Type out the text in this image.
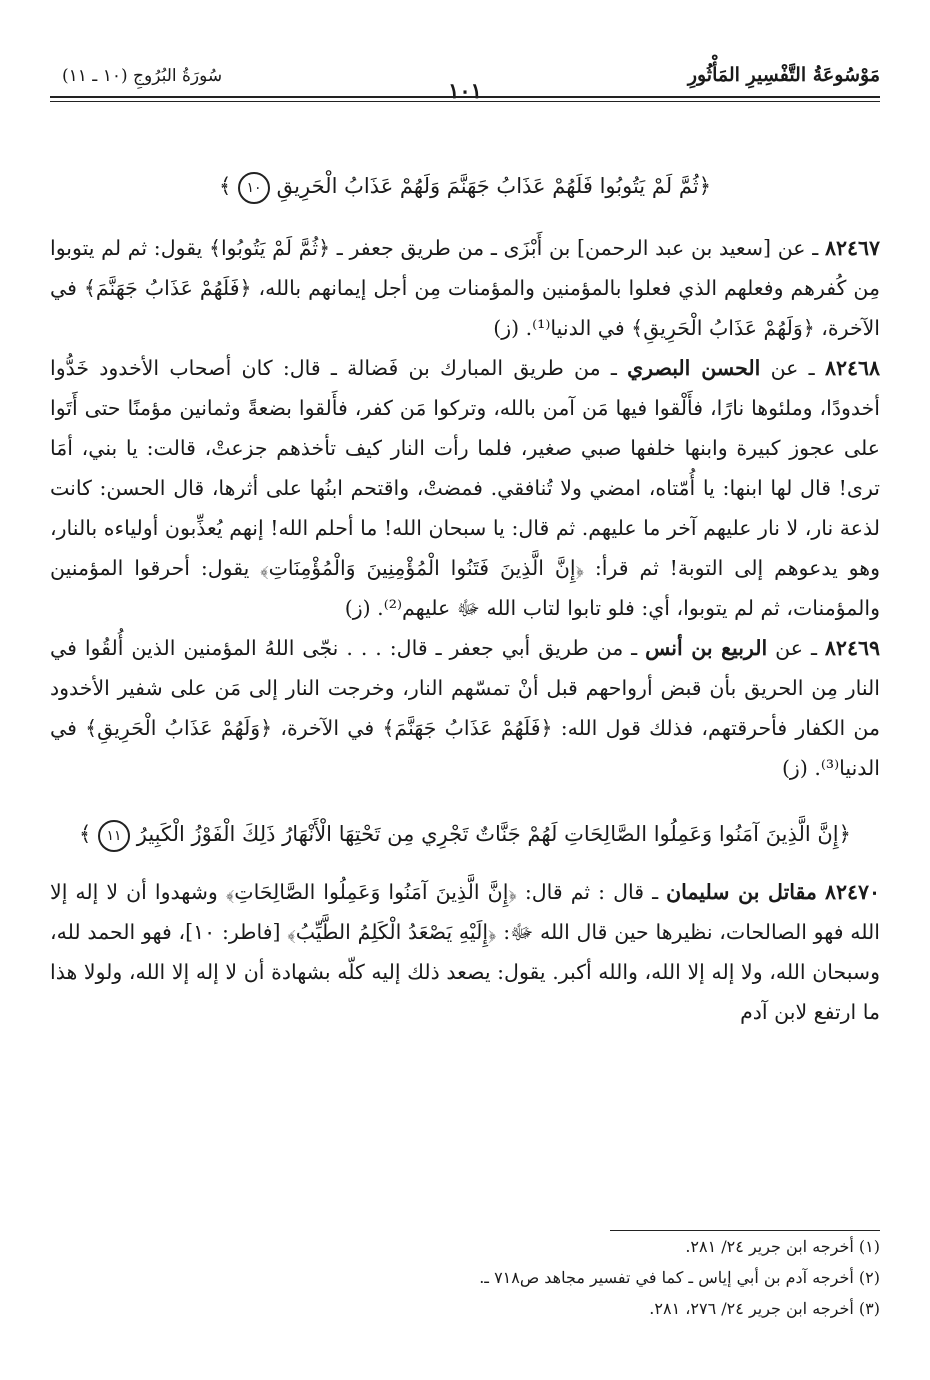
مَوْسُوعَةُ التَّفْسِيرِ المَأْثُورِ
١٠١
سُورَةُ البُرُوجِ (١٠ ـ ١١)

﴿ثُمَّ لَمْ يَتُوبُوا فَلَهُمْ عَذَابُ جَهَنَّمَ وَلَهُمْ عَذَابُ الْحَرِيقِ ١٠ ﴾

٨٢٤٦٧ ـ عن [سعيد بن عبد الرحمن] بن أَبْزَى ـ من طريق جعفر ـ ﴿ثُمَّ لَمْ يَتُوبُوا﴾ يقول: ثم لم يتوبوا مِن كُفرهم وفعلهم الذي فعلوا بالمؤمنين والمؤمنات مِن أجل إيمانهم بالله، ﴿فَلَهُمْ عَذَابُ جَهَنَّمَ﴾ في الآخرة، ﴿وَلَهُمْ عَذَابُ الْحَرِيقِ﴾ في الدنيا⁽¹⁾. (ز)

٨٢٤٦٨ ـ عن الحسن البصري ـ من طريق المبارك بن فَضالة ـ قال: كان أصحاب الأخدود خَدُّوا أخدودًا، وملئوها نارًا، فأَلْقوا فيها مَن آمن بالله، وتركوا مَن كفر، فأَلقوا بضعةً وثمانين مؤمنًا حتى أَتَوا على عجوز كبيرة وابنها خلفها صبي صغير، فلما رأت النار كيف تأخذهم جزعتْ، قالت: يا بني، أمَا ترى! قال لها ابنها: يا أُمّتاه، امضي ولا تُنافقي. فمضتْ، واقتحم ابنُها على أثرها، قال الحسن: كانت لذعة نار، لا نار عليهم آخر ما عليهم. ثم قال: يا سبحان الله! ما أحلم الله! إنهم يُعذِّبون أولياءه بالنار، وهو يدعوهم إلى التوبة! ثم قرأ: ﴿إِنَّ الَّذِينَ فَتَنُوا الْمُؤْمِنِينَ وَالْمُؤْمِنَاتِ﴾ يقول: أحرقوا المؤمنين والمؤمنات، ثم لم يتوبوا، أي: فلو تابوا لتاب الله ﷻ عليهم⁽²⁾. (ز)

٨٢٤٦٩ ـ عن الربيع بن أنس ـ من طريق أبي جعفر ـ قال: . . . نجّى اللهُ المؤمنين الذين أُلقُوا في النار مِن الحريق بأن قبض أرواحهم قبل أنْ تمسّهم النار، وخرجت النار إلى مَن على شفير الأخدود من الكفار فأحرقتهم، فذلك قول الله: ﴿فَلَهُمْ عَذَابُ جَهَنَّمَ﴾ في الآخرة، ﴿وَلَهُمْ عَذَابُ الْحَرِيقِ﴾ في الدنيا⁽³⁾. (ز)

﴿إِنَّ الَّذِينَ آمَنُوا وَعَمِلُوا الصَّالِحَاتِ لَهُمْ جَنَّاتٌ تَجْرِي مِن تَحْتِهَا الْأَنْهَارُ ذَلِكَ الْفَوْزُ الْكَبِيرُ ١١ ﴾

٨٢٤٧٠ مقاتل بن سليمان ـ قال : ثم قال: ﴿إِنَّ الَّذِينَ آمَنُوا وَعَمِلُوا الصَّالِحَاتِ﴾ وشهدوا أن لا إله إلا الله فهو الصالحات، نظيرها حين قال الله ﷻ: ﴿إِلَيْهِ يَصْعَدُ الْكَلِمُ الطَّيِّبُ﴾ [فاطر: ١٠]، فهو الحمد لله، وسبحان الله، ولا إله إلا الله، والله أكبر. يقول: يصعد ذلك إليه كلّه بشهادة أن لا إله إلا الله، ولولا هذا ما ارتفع لابن آدم

(١) أخرجه ابن جرير ٢٤/ ٢٨١.

(٢) أخرجه آدم بن أبي إياس ـ كما في تفسير مجاهد ص٧١٨ ـ.

(٣) أخرجه ابن جرير ٢٤/ ٢٧٦، ٢٨١.
